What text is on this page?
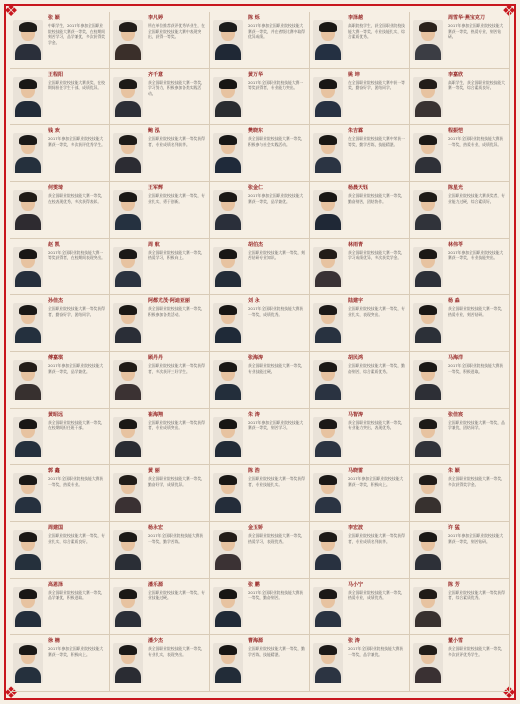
❖	❖
❖	❖
张 颖
中职学生，2017年参加全国职业院校技能大赛获一等奖，在校期间刻苦学习，品学兼优，多次获得奖学金。
李凡婷
所在单位推荐获评优秀毕业生，在全国职业院校技能大赛中表现突出，获得一等奖。
陈 烁
2017年参加全国职业院校技能大赛获一等奖，并在省级比赛中取得优异成绩。
李泽越
高职院校学生，获全国职业院校技能大赛一等奖，专业技能扎实，综合素质优秀。
周雪华·燕宝克刀
2017年参加全国职业院校技能大赛获一等奖，热爱专业，刻苦钻研。
王程阳
全国职业院校技能大赛获奖，在校期间担任学生干部，成绩优异。
齐千意
获全国职业院校技能大赛一等奖，学习努力，积极参加各类实践活动。
黄万华
2017年全国职业院校技能大赛一等奖获得者，专业能力突出。
姚 坤
在全国职业院校技能大赛中获一等奖，勤奋好学，团结同学。
李嘉欣
高职学生，获全国职业院校技能大赛一等奖，综合素质良好。
钱 欢
2017年参加全国职业院校技能大赛获一等奖，多次获评优秀学生。
鲍 泓
全国职业院校技能大赛一等奖获得者，专业成绩名列前茅。
樊晓东
获全国职业院校技能大赛一等奖，积极参与社会实践活动。
朱吉霖
在全国职业院校技能大赛中荣获一等奖，勤学苦练，技能精湛。
程振恺
2017年全国职业院校技能大赛获一等奖，热爱专业，成绩优异。
何雯琦
获全国职业院校技能大赛一等奖，在校表现优秀，多次获得表彰。
王军辉
全国职业院校技能大赛一等奖，专业扎实，勇于创新。
张金仁
2017年参加全国职业院校技能大赛获一等奖，品学兼优。
杨晨天钰
获全国职业院校技能大赛一等奖，勤奋刻苦，团结协作。
陈星光
全国职业院校技能大赛获奖者，专业能力过硬，综合素质好。
赵 凯
2017年全国职业院校技能大赛一等奖获得者，在校期间表现突出。
周 航
获全国职业院校技能大赛一等奖，热爱学习，积极向上。
胡伯杰
全国职业院校技能大赛一等奖，刻苦钻研专业知识。
林雨青
获全国职业院校技能大赛一等奖，学习成绩优异，多次获奖学金。
林伟苓
2017年参加全国职业院校技能大赛获一等奖，专业技能突出。
孙佳杰
全国职业院校技能大赛一等奖获得者，勤奋好学，团结同学。
阿都尤茂·阿迪亚丽
获全国职业院校技能大赛一等奖，积极参加各类活动。
刘 永
2017年全国职业院校技能大赛获一等奖，成绩优秀。
陆建宇
全国职业院校技能大赛一等奖，专业扎实，表现突出。
杨 淼
获全国职业院校技能大赛一等奖，热爱专业，刻苦钻研。
傅嘉琪
2017年参加全国职业院校技能大赛获一等奖，品学兼优。
顾丹丹
全国职业院校技能大赛一等奖获得者，多次获评三好学生。
张海涛
获全国职业院校技能大赛一等奖，专业技能过硬。
胡民鸿
全国职业院校技能大赛一等奖，勤奋刻苦，综合素质优秀。
马海洋
2017年全国职业院校技能大赛获一等奖，积极进取。
黄昭远
获全国职业院校技能大赛一等奖，在校期间担任班干部。
崔海翔
全国职业院校技能大赛一等奖获得者，专业成绩突出。
朱 涛
2017年参加全国职业院校技能大赛获一等奖，刻苦学习。
马智涛
获全国职业院校技能大赛一等奖，专业能力突出，表现优秀。
张佳宸
全国职业院校技能大赛一等奖，品学兼优，团结同学。
郭 鑫
2017年全国职业院校技能大赛获一等奖，热爱专业。
黄 丽
获全国职业院校技能大赛一等奖，勤奋好学，成绩优异。
陈 浩
全国职业院校技能大赛一等奖获得者，专业技能扎实。
马晓雷
2017年参加全国职业院校技能大赛获一等奖，积极向上。
朱 颖
获全国职业院校技能大赛一等奖，多次获得奖学金。
周建国
全国职业院校技能大赛一等奖，专业扎实，综合素质良好。
杨永宏
2017年全国职业院校技能大赛获一等奖，勤学苦练。
金玉娇
获全国职业院校技能大赛一等奖，热爱学习，表现优秀。
李宏波
全国职业院校技能大赛一等奖获得者，专业成绩名列前茅。
许 猛
2017年参加全国职业院校技能大赛获一等奖，刻苦钻研。
高恩泽
获全国职业院校技能大赛一等奖，品学兼优，积极进取。
潘乐源
全国职业院校技能大赛一等奖，专业技能过硬。
张 鹏
2017年全国职业院校技能大赛获一等奖，勤奋刻苦。
马小宁
获全国职业院校技能大赛一等奖，热爱专业，成绩优秀。
陈 芳
全国职业院校技能大赛一等奖获得者，综合素质优秀。
徐 楠
2017年参加全国职业院校技能大赛获一等奖，积极向上。
潘少杰
获全国职业院校技能大赛一等奖，专业扎实，表现突出。
曹海源
全国职业院校技能大赛一等奖，勤学苦练，技能精湛。
张 涛
2017年全国职业院校技能大赛获一等奖，品学兼优。
董小雪
获全国职业院校技能大赛一等奖，多次获评优秀学生。
